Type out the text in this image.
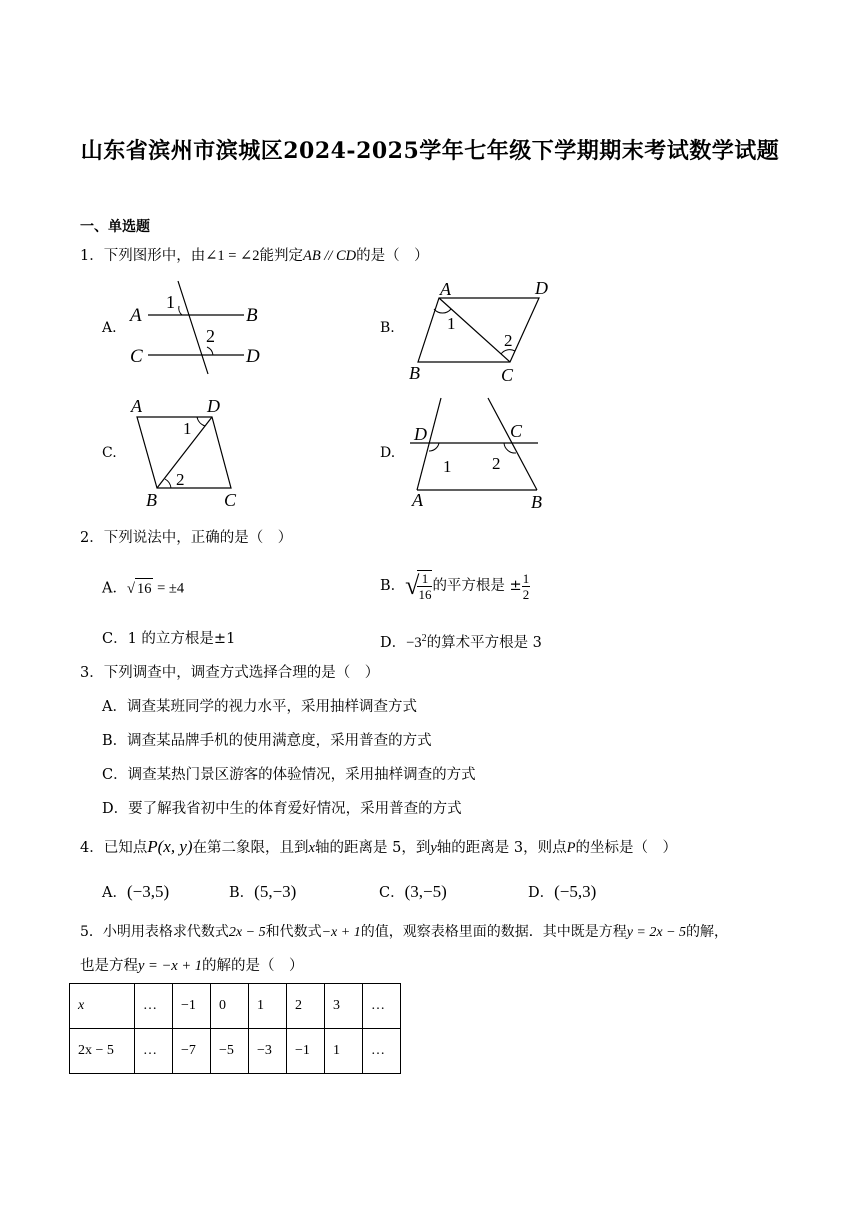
山东省滨州市滨城区2024-2025学年七年级下学期期末考试数学试题
一、单选题
1．下列图形中，由∠1 = ∠2能判定AB // CD的是（　）
A.
A	B
C	D
1
2	B.
A	D
B	C
1
2
C.
A	D
B	C
1
2
D.
D	C
A	B
1 2
2．下列说法中，正确的是（　）
A．√ 16 = ±4	B．√
$\frac{1}{16}$ 的平方根是 ± $\frac{1}{2}$
C．1 的立方根是±1	D．$-3^2$的算术平方根是 3
3．下列调查中，调查方式选择合理的是（　）
A．调查某班同学的视力水平，采用抽样调查方式
B．调查某品牌手机的使用满意度，采用普查的方式
C．调查某热门景区游客的体验情况，采用抽样调查的方式
D．要了解我省初中生的体育爱好情况，采用普查的方式
4．已知点P(x, y)在第二象限，且到x轴的距离是 5，到y轴的距离是 3，则点P的坐标是（　）
A．(−3,5)	B．(5,−3)	C．(3,−5)	D．(−5,3)
5．小明用表格求代数式2x − 5和代数式−x + 1的值，观察表格里面的数据．其中既是方程y = 2x − 5的解，
也是方程y = −x + 1的解的是（　）
x	…	−1	0	1	2	3	…
2x − 5	…	−7	−5	−3	−1	1	…
